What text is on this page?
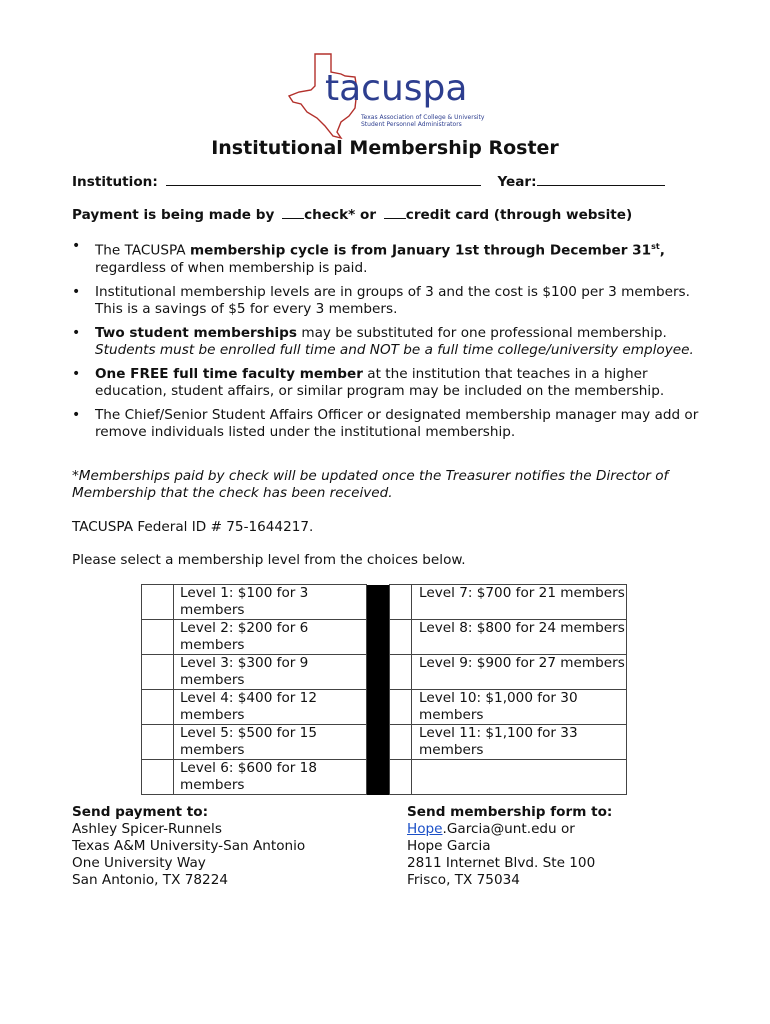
tacuspa
Texas Association of College & University Student Personnel Administrators
Institutional Membership Roster
Institution:	Year:
Payment is being made by check* or credit card (through website)
• The TACUSPA membership cycle is from January 1st through December 31st,
regardless of when membership is paid.
• Institutional membership levels are in groups of 3 and the cost is $100 per 3 members. This is a savings of $5 for every 3 members.
• Two student memberships may be substituted for one professional membership. Students must be enrolled full time and NOT be a full time college/university employee.
• One FREE full time faculty member at the institution that teaches in a higher education, student affairs, or similar program may be included on the membership.
• The Chief/Senior Student Affairs Officer or designated membership manager may add or remove individuals listed under the institutional membership.
*Memberships paid by check will be updated once the Treasurer notifies the Director of Membership that the check has been received.
TACUSPA Federal ID # 75-1644217.
Please select a membership level from the choices below.
	Level 1: $100 for 3 members			Level 7: $700 for 21 members
	Level 2: $200 for 6 members			Level 8: $800 for 24 members
	Level 3: $300 for 9 members			Level 9: $900 for 27 members
	Level 4: $400 for 12 members			Level 10: $1,000 for 30 members
	Level 5: $500 for 15 members			Level 11: $1,100 for 33 members
	Level 6: $600 for 18 members			
Send payment to:
Ashley Spicer-Runnels
Texas A&M University-San Antonio
One University Way
San Antonio, TX 78224
Send membership form to:
Hope.Garcia@unt.edu or
Hope Garcia
2811 Internet Blvd. Ste 100
Frisco, TX 75034
